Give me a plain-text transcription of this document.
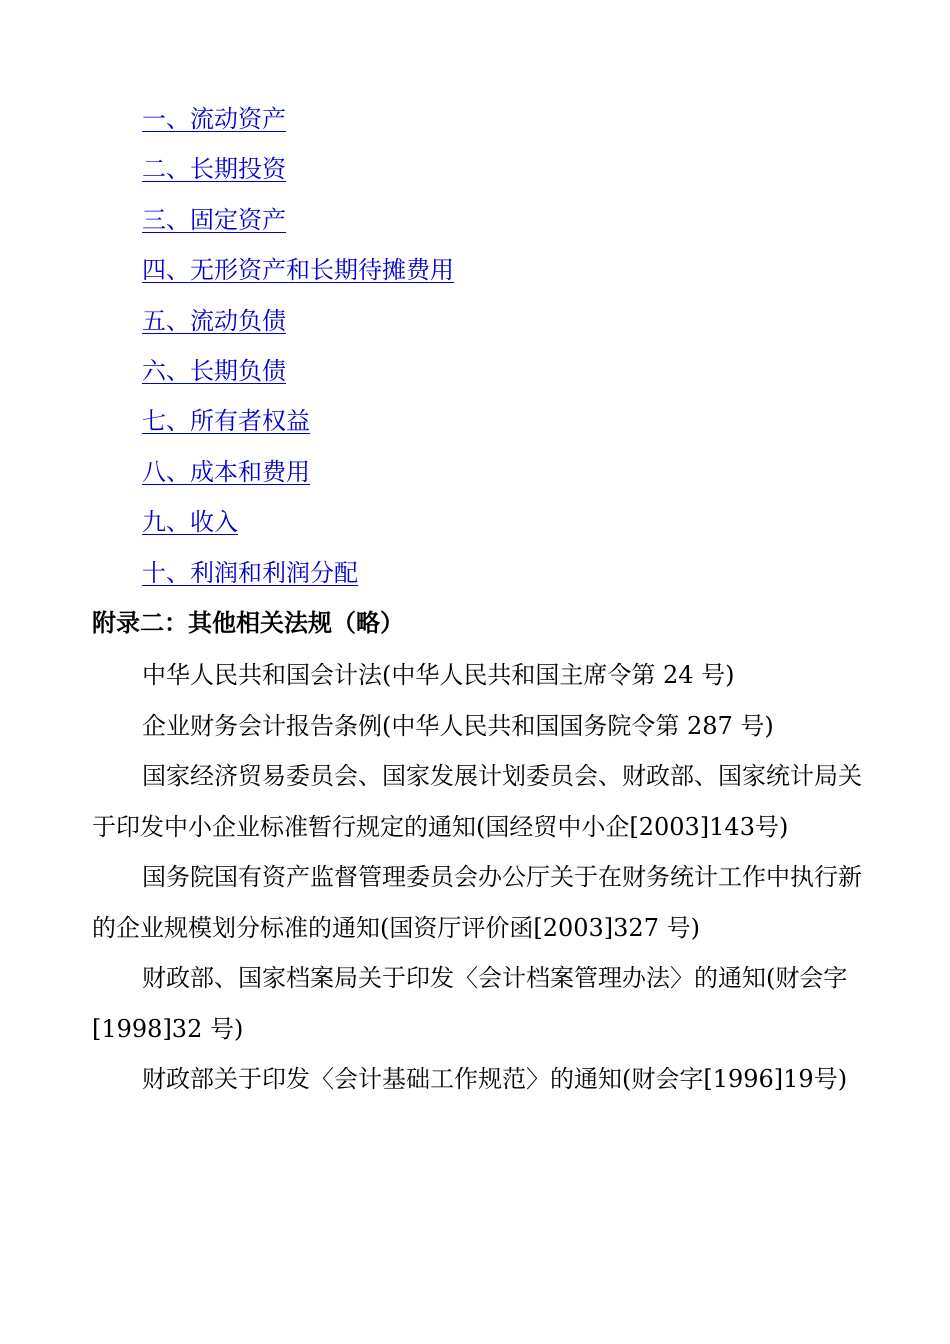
一、流动资产
二、长期投资
三、固定资产
四、无形资产和长期待摊费用
五、流动负债
六、长期负债
七、所有者权益
八、成本和费用
九、收入
十、利润和利润分配
附录二：其他相关法规（略）

中华人民共和国会计法(中华人民共和国主席令第 24 号)

企业财务会计报告条例(中华人民共和国国务院令第 287 号)

国家经济贸易委员会、国家发展计划委员会、财政部、国家统计局关于印发中小企业标准暂行规定的通知(国经贸中小企[2003]143号)

国务院国有资产监督管理委员会办公厅关于在财务统计工作中执行新的企业规模划分标准的通知(国资厅评价函[2003]327 号)

财政部、国家档案局关于印发〈会计档案管理办法〉的通知(财会字[1998]32 号)

财政部关于印发〈会计基础工作规范〉的通知(财会字[1996]19号)
